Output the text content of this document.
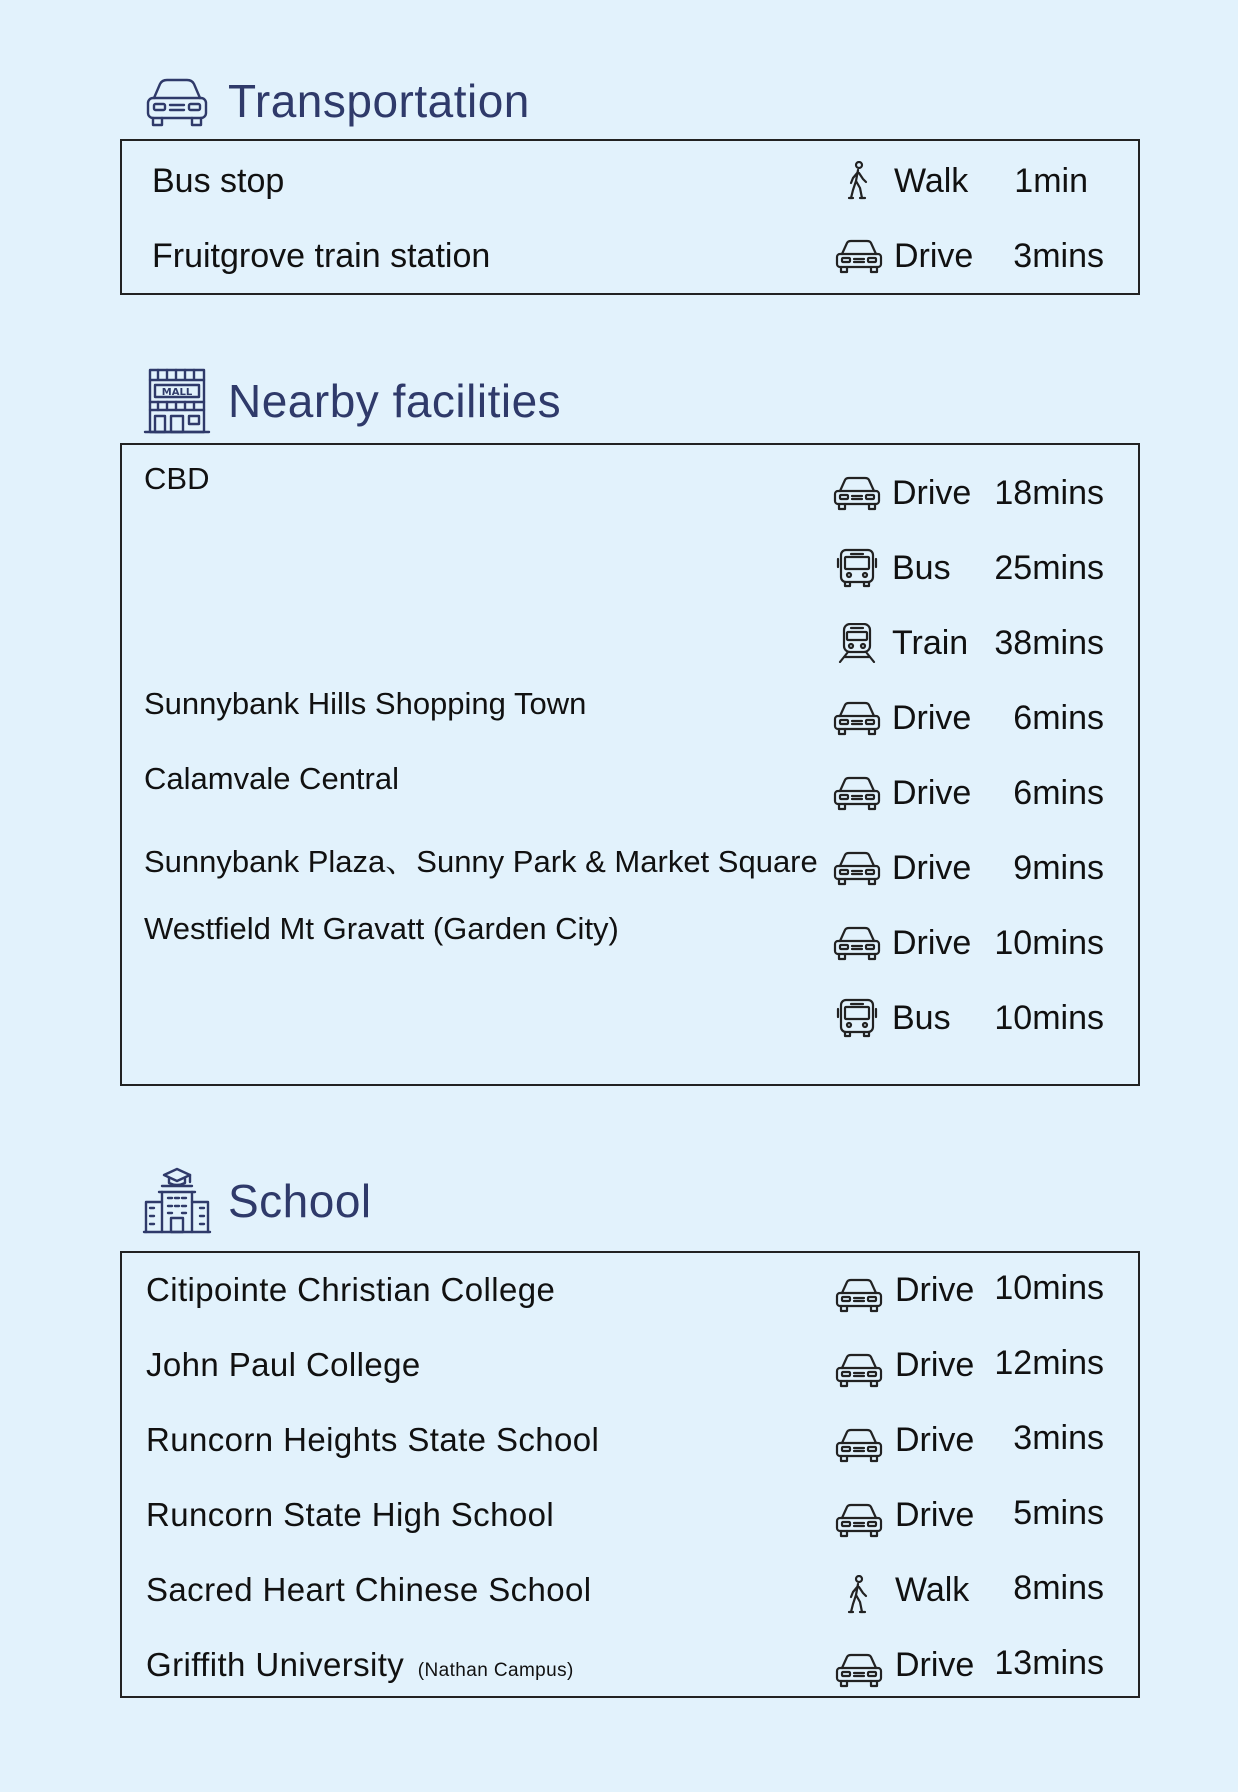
Transportation
Bus stop	Walk 1min
Fruitgrove train station	Drive 3mins
MALL Nearby facilities
CBD	Drive 18mins
Bus 25mins
Train 38mins
Sunnybank Hills Shopping Town	Drive 6mins
Calamvale Central	Drive 6mins
Sunnybank Plaza、Sunny Park & Market Square Drive 9mins
Westfield Mt Gravatt (Garden City)	Drive 10mins
Bus 10mins
School
Citipointe Christian College	Drive 10mins
John Paul College	Drive 12mins
Runcorn Heights State School	Drive 3mins
Runcorn State High School	Drive 5mins
Sacred Heart Chinese School	Walk 8mins
Griffith University (Nathan Campus)	Drive 13mins
